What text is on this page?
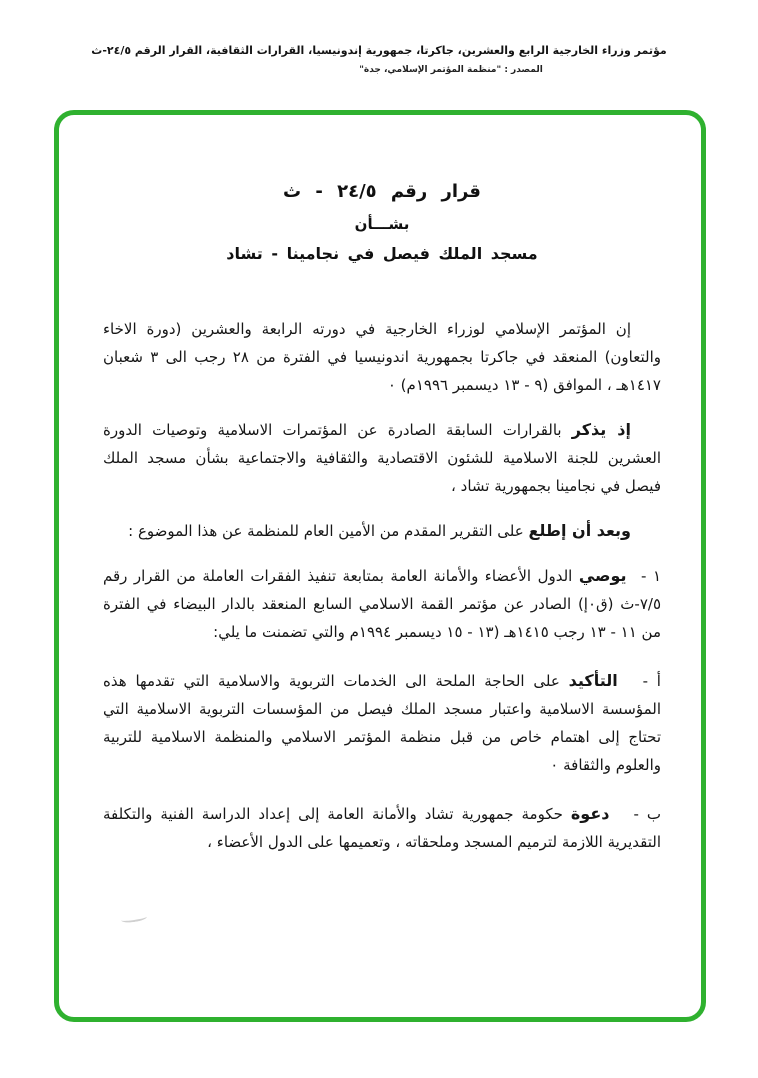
مؤتمر وزراء الخارجية الرابع والعشرين، جاكرتا، جمهورية إندونيسيا، القرارات الثقافية، القرار الرقم ٢٤/٥-ث
المصدر : "منظمة المؤتمر الإسلامي، جدة"
قرار رقم ٢٤/٥ - ث
بشـــأن
مسجد الملك فيصل في نجامينا - تشاد

إن المؤتمر الإسلامي لوزراء الخارجية في دورته الرابعة والعشرين (دورة الاخاء والتعاون) المنعقد في جاكرتا بجمهورية اندونيسيا في الفترة من ٢٨ رجب الى ٣ شعبان ١٤١٧هـ ، الموافق (٩ - ١٣ ديسمبر ١٩٩٦م) ٠

إذ يذكر بالقرارات السابقة الصادرة عن المؤتمرات الاسلامية وتوصيات الدورة العشرين للجنة الاسلامية للشئون الاقتصادية والثقافية والاجتماعية بشأن مسجد الملك فيصل في نجامينا بجمهورية تشاد ،

وبعد أن إطلع على التقرير المقدم من الأمين العام للمنظمة عن هذا الموضوع :

١ - يوصي الدول الأعضاء والأمانة العامة بمتابعة تنفيذ الفقرات العاملة من القرار رقم ٧/٥-ث (ق٠إ) الصادر عن مؤتمر القمة الاسلامي السابع المنعقد بالدار البيضاء في الفترة من ١١ - ١٣ رجب ١٤١٥هـ (١٣ - ١٥ ديسمبر ١٩٩٤م والتي تضمنت ما يلي:

أ - التأكيد على الحاجة الملحة الى الخدمات التربوية والاسلامية التي تقدمها هذه المؤسسة الاسلامية واعتبار مسجد الملك فيصل من المؤسسات التربوية الاسلامية التي تحتاج إلى اهتمام خاص من قبل منظمة المؤتمر الاسلامي والمنظمة الاسلامية للتربية والعلوم والثقافة ٠

ب - دعوة حكومة جمهورية تشاد والأمانة العامة إلى إعداد الدراسة الفنية والتكلفة التقديرية اللازمة لترميم المسجد وملحقاته ، وتعميمها على الدول الأعضاء ،
